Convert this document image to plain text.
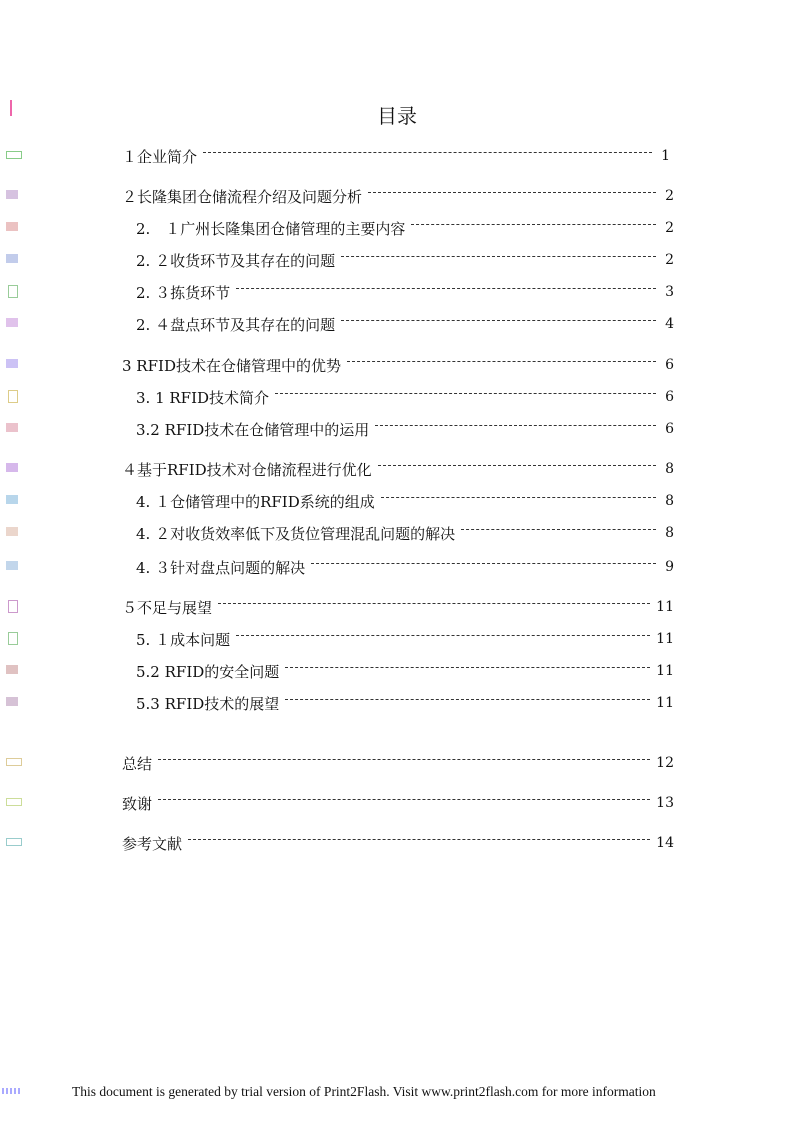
目录
１企业简介	1
２长隆集团仓储流程介绍及问题分析	2
2.　１广州长隆集团仓储管理的主要内容	2
2. ２收货环节及其存在的问题	2
2. ３拣货环节	3
2. ４盘点环节及其存在的问题	4
3 RFID技术在仓储管理中的优势	6
3. 1 RFID技术简介	6
3.2 RFID技术在仓储管理中的运用	6
４基于RFID技术对仓储流程进行优化	8
4. １仓储管理中的RFID系统的组成	8
4. ２对收货效率低下及货位管理混乱问题的解决	8
4. ３针对盘点问题的解决	9
５不足与展望	11
5. １成本问题	11
5.2 RFID的安全问题	11
5.3 RFID技术的展望	11
总结	12
致谢	13
参考文献	14
This document is generated by trial version of Print2Flash. Visit www.print2flash.com for more information
